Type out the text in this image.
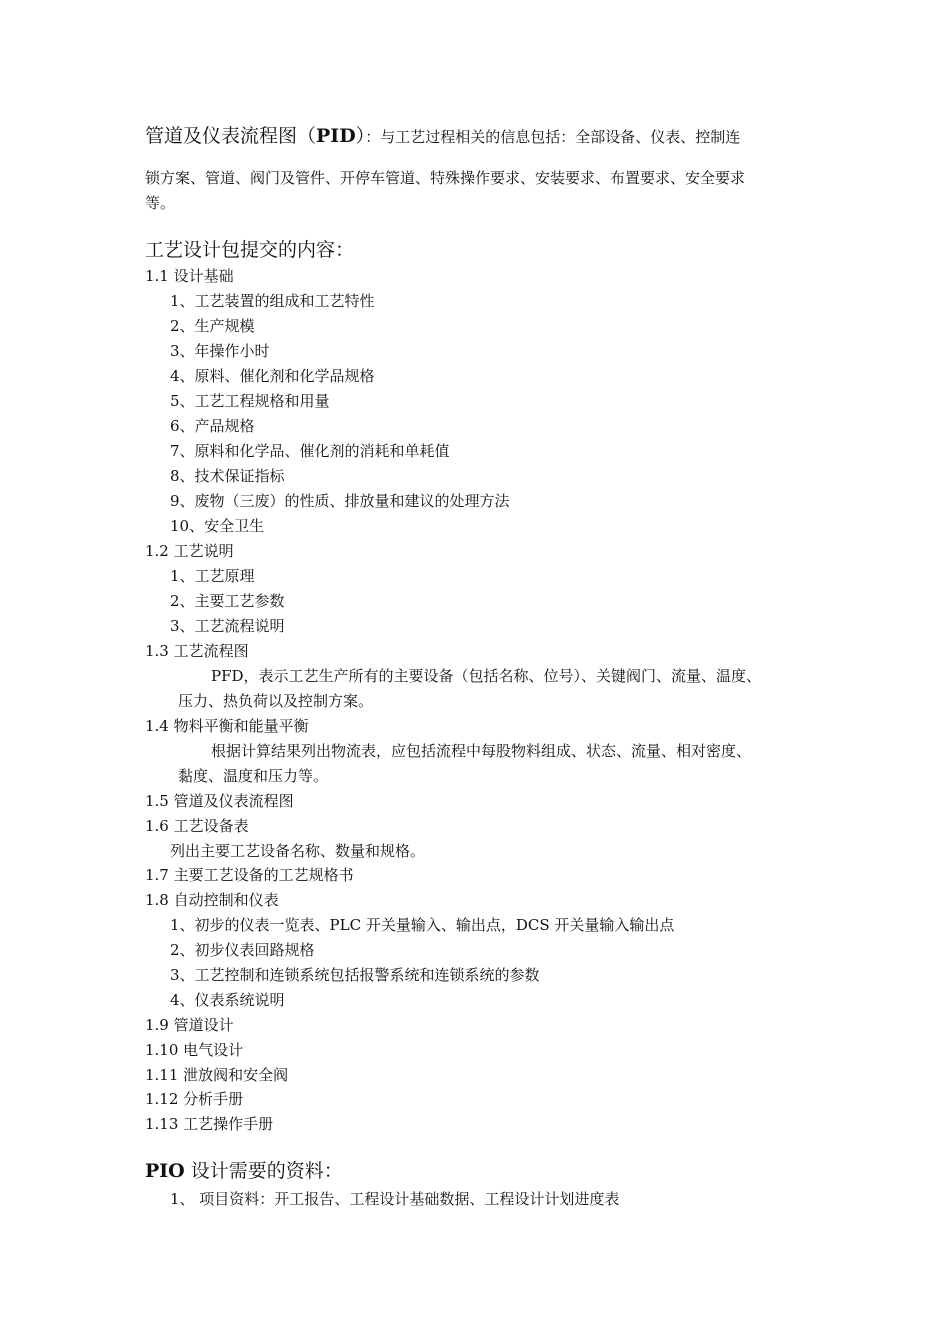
管道及仪表流程图（PID）：与工艺过程相关的信息包括：全部设备、仪表、控制连
锁方案、管道、阀门及管件、开停车管道、特殊操作要求、安装要求、布置要求、安全要求
等。
工艺设计包提交的内容：
1.1 设计基础
1、工艺装置的组成和工艺特性
2、生产规模
3、年操作小时
4、原料、催化剂和化学品规格
5、工艺工程规格和用量
6、产品规格
7、原料和化学品、催化剂的消耗和单耗值
8、技术保证指标
9、废物（三废）的性质、排放量和建议的处理方法
10、安全卫生
1.2 工艺说明
1、工艺原理
2、主要工艺参数
3、工艺流程说明
1.3 工艺流程图
PFD，表示工艺生产所有的主要设备（包括名称、位号）、关键阀门、流量、温度、
压力、热负荷以及控制方案。
1.4 物料平衡和能量平衡
根据计算结果列出物流表，应包括流程中每股物料组成、状态、流量、相对密度、
黏度、温度和压力等。
1.5 管道及仪表流程图
1.6 工艺设备表
列出主要工艺设备名称、数量和规格。
1.7 主要工艺设备的工艺规格书
1.8 自动控制和仪表
1、初步的仪表一览表、PLC 开关量输入、输出点，DCS 开关量输入输出点
2、初步仪表回路规格
3、工艺控制和连锁系统包括报警系统和连锁系统的参数
4、仪表系统说明
1.9 管道设计
1.10 电气设计
1.11 泄放阀和安全阀
1.12 分析手册
1.13 工艺操作手册
PIO 设计需要的资料：
1、 项目资料：开工报告、工程设计基础数据、工程设计计划进度表
